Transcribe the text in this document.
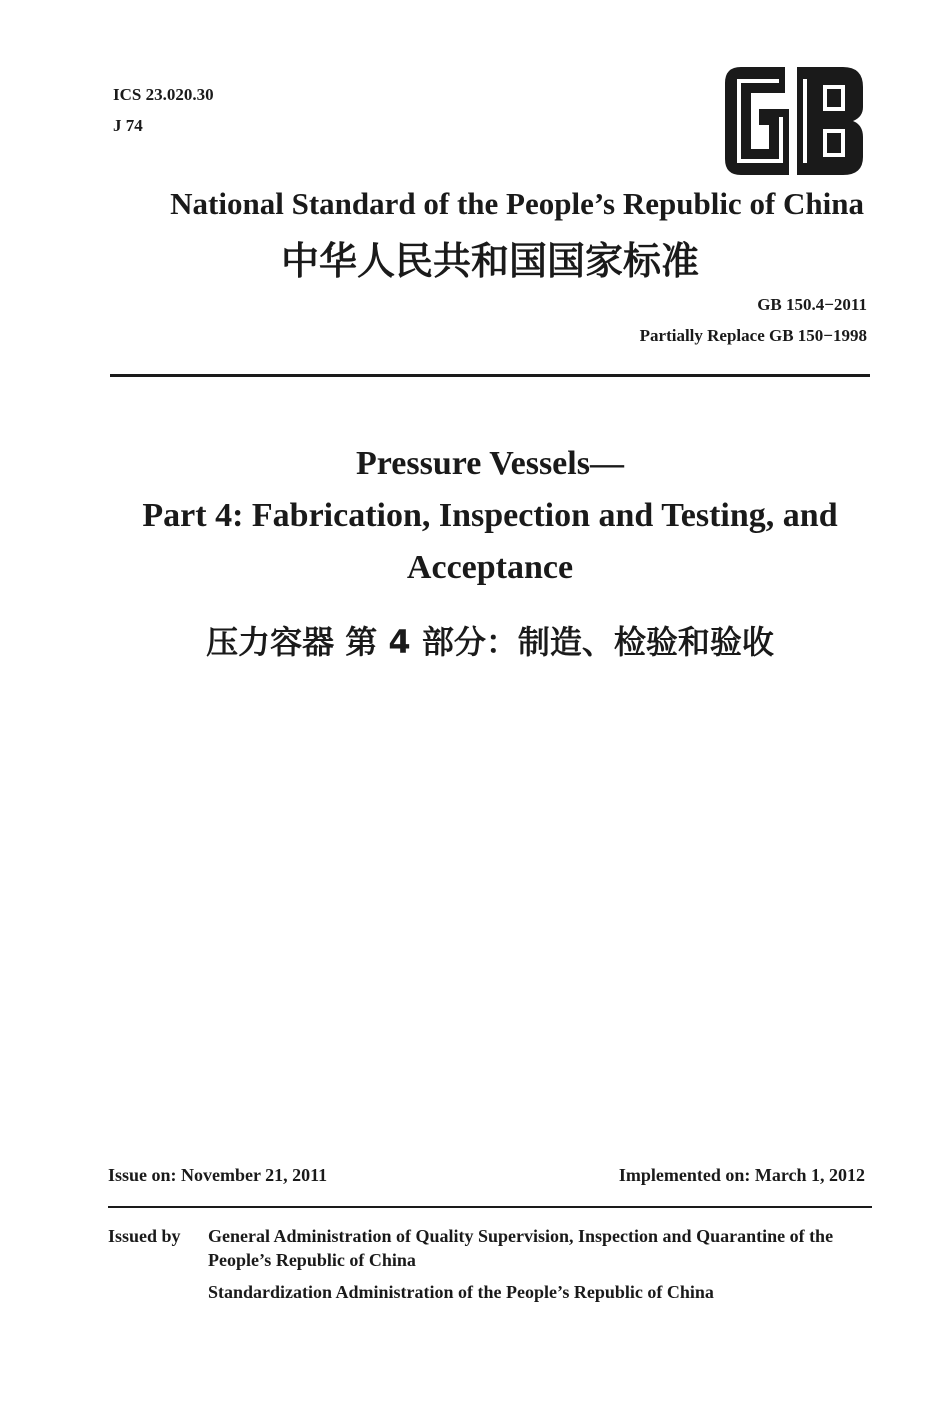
ICS 23.020.30
J 74
National Standard of the People’s Republic of China
中华人民共和国国家标准
GB 150.4−2011
Partially Replace GB 150−1998
Pressure Vessels—
Part 4: Fabrication, Inspection and Testing, and
Acceptance
压力容器 第 4 部分：制造、检验和验收
Issue on: November 21, 2011	Implemented on: March 1, 2012
Issued by General Administration of Quality Supervision, Inspection and Quarantine of the People’s Republic of China
Standardization Administration of the People’s Republic of China
